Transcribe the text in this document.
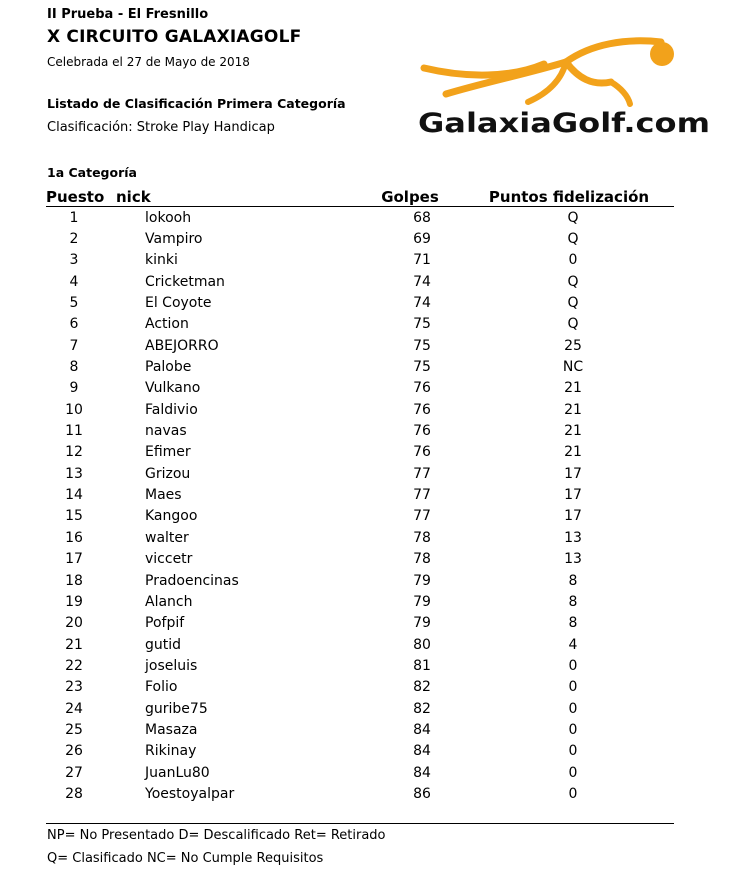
II Prueba - El Fresnillo
X CIRCUITO GALAXIAGOLF
Celebrada el 27 de Mayo de 2018
Listado de Clasificación Primera Categoría
Clasificación: Stroke Play Handicap	GalaxiaGolf.com
1a Categoría
Puesto	nick	Golpes	Puntos fidelización
1	lokooh	68	Q
2	Vampiro	69	Q
3	kinki	71	0
4	Cricketman	74	Q
5	El Coyote	74	Q
6	Action	75	Q
7	ABEJORRO	75	25
8	Palobe	75	NC
9	Vulkano	76	21
10	Faldivio	76	21
11	navas	76	21
12	Efimer	76	21
13	Grizou	77	17
14	Maes	77	17
15	Kangoo	77	17
16	walter	78	13
17	viccetr	78	13
18	Pradoencinas	79	8
19	Alanch	79	8
20	Pofpif	79	8
21	gutid	80	4
22	joseluis	81	0
23	Folio	82	0
24	guribe75	82	0
25	Masaza	84	0
26	Rikinay	84	0
27	JuanLu80	84	0
28	Yoestoyalpar	86	0
NP= No Presentado D= Descalificado Ret= Retirado
Q= Clasificado NC= No Cumple Requisitos
